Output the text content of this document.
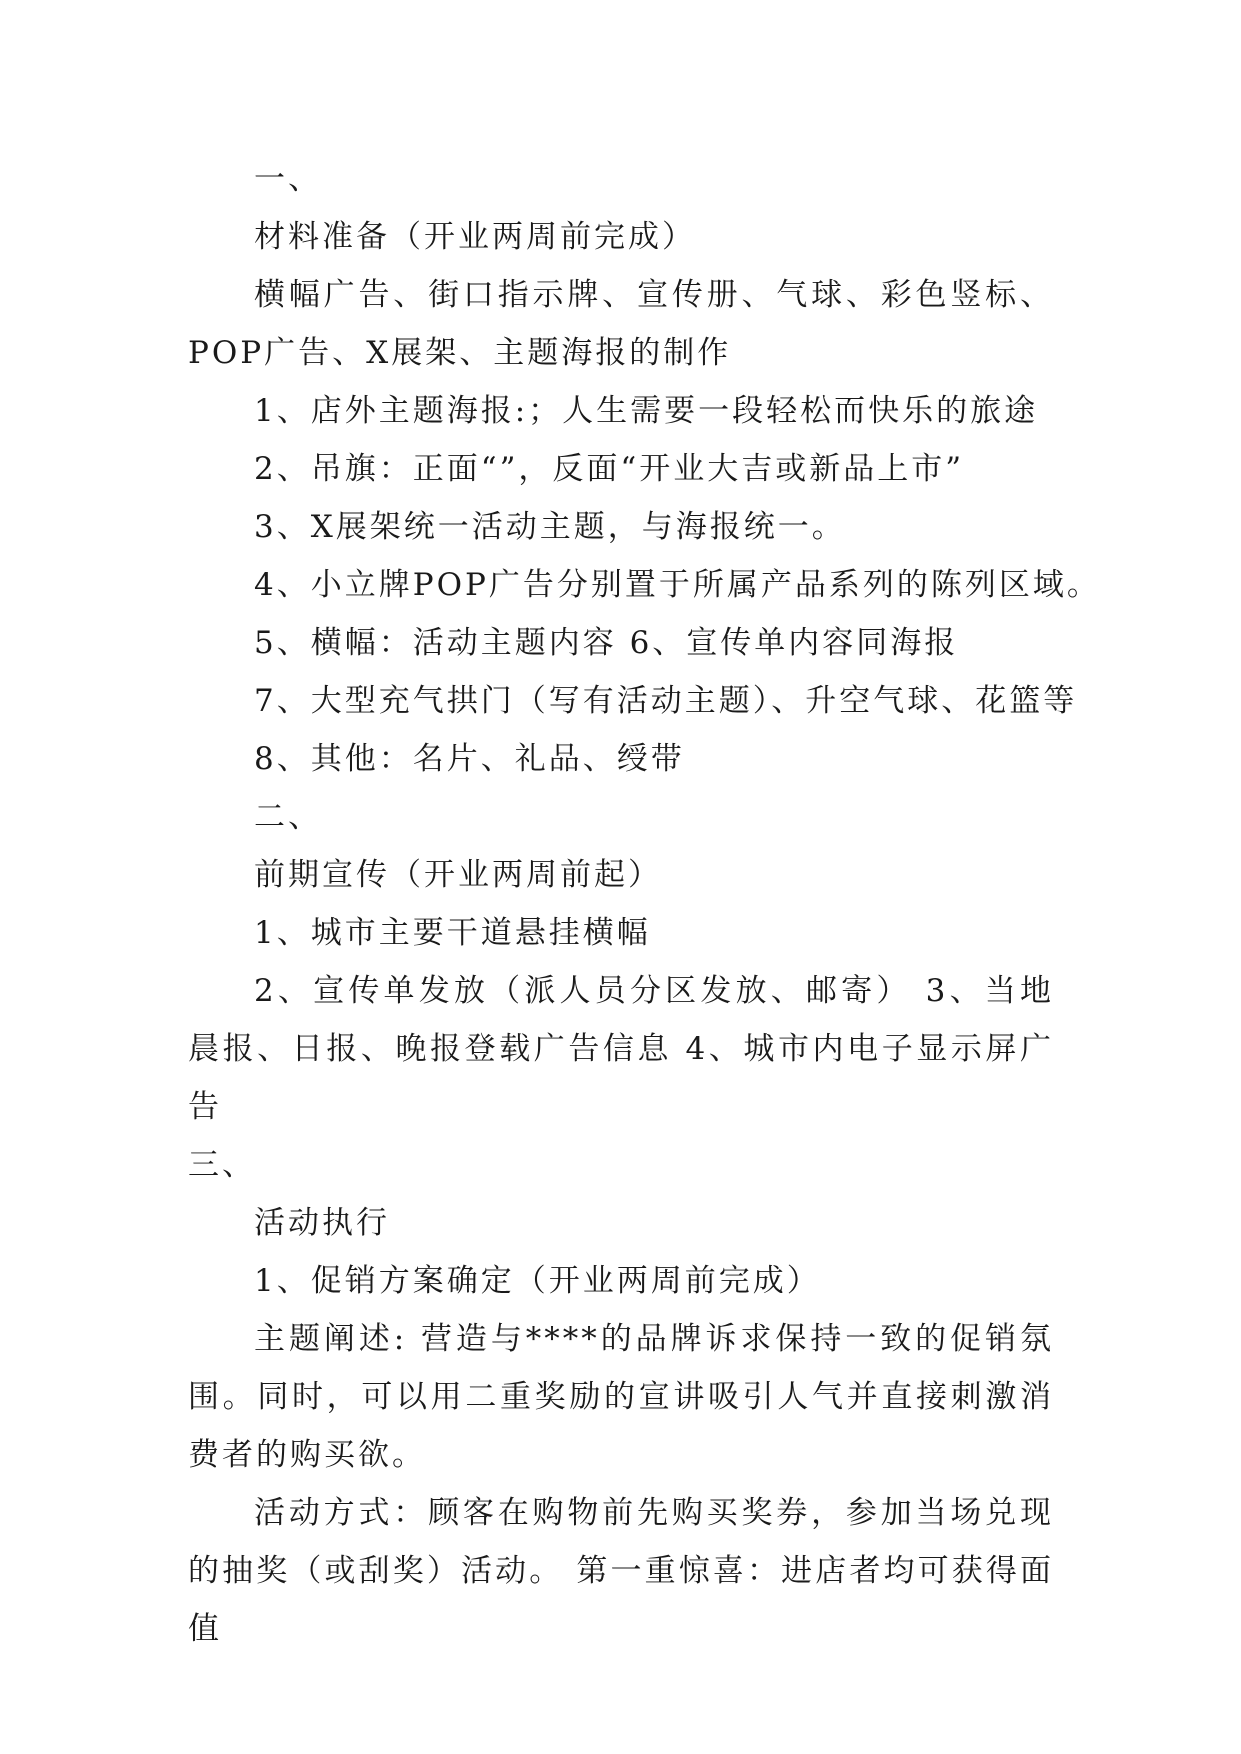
一、

材料准备（开业两周前完成）

横幅广告、街口指示牌、宣传册、气球、彩色竖标、POP广告、X展架、主题海报的制作

1、店外主题海报:；人生需要一段轻松而快乐的旅途

2、吊旗：正面“”，反面“开业大吉或新品上市”

3、X展架统一活动主题，与海报统一。

4、小立牌POP广告分别置于所属产品系列的陈列区域。

5、横幅：活动主题内容 6、宣传单内容同海报

7、大型充气拱门（写有活动主题）、升空气球、花篮等

8、其他：名片、礼品、绶带

二、

前期宣传（开业两周前起）

1、城市主要干道悬挂横幅

2、宣传单发放（派人员分区发放、邮寄） 3、当地晨报、日报、晚报登载广告信息 4、城市内电子显示屏广告

三、

活动执行

1、促销方案确定（开业两周前完成）

主题阐述: 营造与****的品牌诉求保持一致的促销氛围。同时，可以用二重奖励的宣讲吸引人气并直接刺激消费者的购买欲。

活动方式：顾客在购物前先购买奖券，参加当场兑现的抽奖（或刮奖）活动。 第一重惊喜：进店者均可获得面值
